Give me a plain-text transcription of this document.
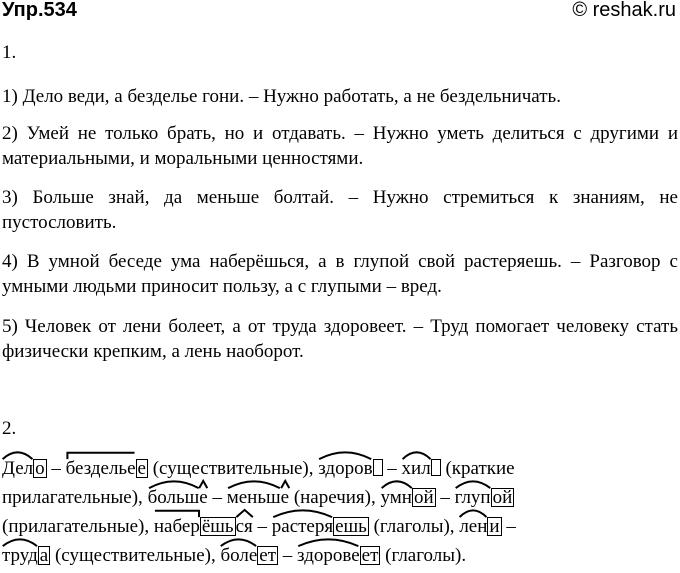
Упр.534	© reshak.ru
1.
1) Дело веди, а безделье гони. – Нужно работать, а не бездельничать.
2) Умей не только брать, но и отдавать. – Нужно уметь делиться с другими и материальными, и моральными ценностями.
3) Больше знай, да меньше болтай. – Нужно стремиться к знаниям, не пустословить.
4) В умной беседе ума наберёшься, а в глупой свой растеряешь. – Разговор с умными людьми приносит пользу, а с глупыми – вред.
5) Человек от лени болеет, а от труда здоровеет. – Труд помогает человеку стать физически крепким, а лень наоборот.
2.
Дел о –
безделье е (существительные),
здоров –
хил (краткие
прилагательные),
больш
е –
меньш
е (наречия),
умн ой –
глуп ой
(прилагательные),
набер ёшь ся –
растеря ешь (глаголы),
лен и –

труд а (существительные),
боле ет –
здорове ет (глаголы).
